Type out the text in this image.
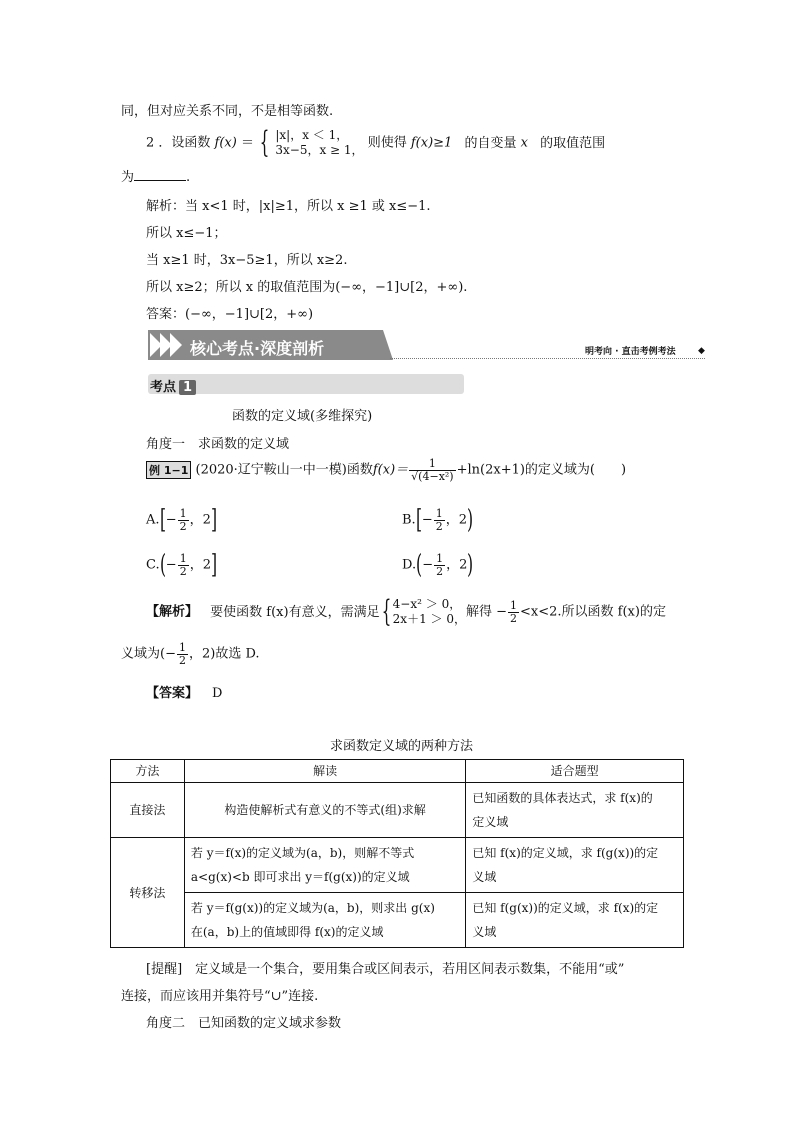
同，但对应关系不同，不是相等函数.
2 ．设函数 f(x) ＝ { |x|，x ＜ 1，
3x−5，x ≥ 1， 则使得 f(x)≥1 的自变量 x 的取值范围
为	.
解析：当 x<1 时，|x|≥1，所以 x ≥1 或 x≤−1.
所以 x≤−1；
当 x≥1 时，3x−5≥1，所以 x≥2.
所以 x≥2；所以 x 的取值范围为(−∞，−1]∪[2，+∞).
答案：(−∞，−1]∪[2，+∞)
核心考点·深度剖析	明考向 · 直击考例考法 ◆
考点 1
函数的定义域(多维探究)
角度一　求函数的定义域
例 1−1 (2020·辽宁鞍山一中一模)函数$f(x)= \frac{1}{\text{√(4−x²)}} +\ln(2x+1)$的定义域为(　　)
$A.[- \frac{1}{2}$ ，2]	$B.[- \frac{1}{2}$ ，2)
$C.(- \frac{1}{2}$ ，2]	$D.(- \frac{1}{2}$ ，2)
【解析】 要使函数 f(x)有意义，需满足{ 4−x² ＞ 0，
2x＋1 ＞ 0， 解得 − $\frac{1}{2} <x<2$.所以函数 f(x)的定
义域为(− $\frac{1}{2}$ ，2)故选 D.
【答案】 D
求函数定义域的两种方法
方法	解读	适合题型
直接法	构造使解析式有意义的不等式(组)求解	已知函数的具体表达式，求 f(x)的
定义域
转移法	若 y＝f(x)的定义域为(a，b)，则解不等式
a<g(x)<b 即可求出 y＝f(g(x))的定义域	已知 f(x)的定义域，求 f(g(x))的定
义域
	若 y＝f(g(x))的定义域为(a，b)，则求出 g(x)
在(a，b)上的值域即得 f(x)的定义域	已知 f(g(x))的定义域，求 f(x)的定
义域
[提醒]　定义域是一个集合，要用集合或区间表示，若用区间表示数集，不能用“或”
连接，而应该用并集符号“∪”连接.
角度二　已知函数的定义域求参数
